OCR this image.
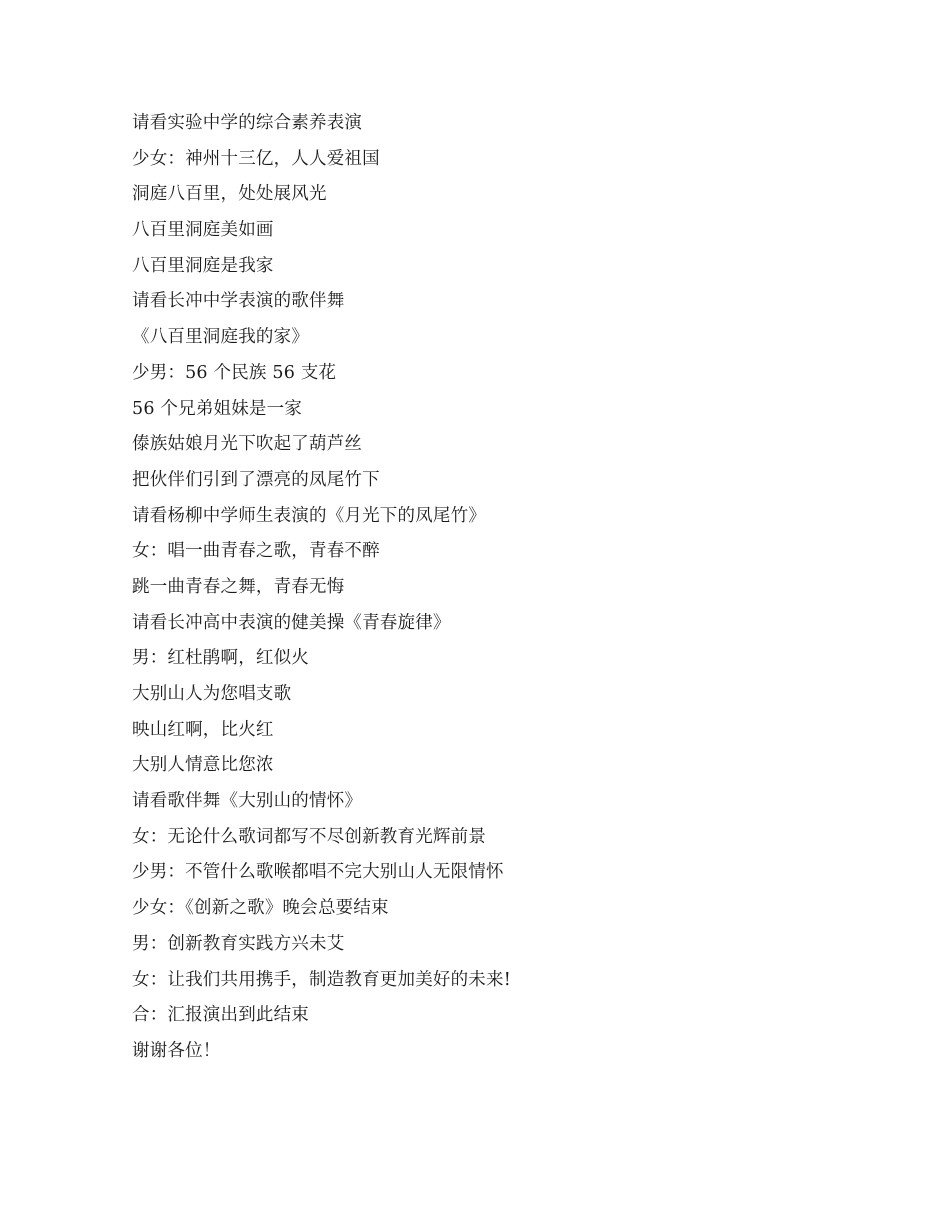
请看实验中学的综合素养表演
少女：神州十三亿，人人爱祖国
洞庭八百里，处处展风光
八百里洞庭美如画
八百里洞庭是我家
请看长冲中学表演的歌伴舞
《八百里洞庭我的家》
少男：56 个民族 56 支花
56 个兄弟姐妹是一家
傣族姑娘月光下吹起了葫芦丝
把伙伴们引到了漂亮的凤尾竹下
请看杨柳中学师生表演的《月光下的凤尾竹》
女：唱一曲青春之歌，青春不醉
跳一曲青春之舞，青春无悔
请看长冲高中表演的健美操《青春旋律》
男：红杜鹃啊，红似火
大别山人为您唱支歌
映山红啊，比火红
大别人情意比您浓
请看歌伴舞《大别山的情怀》
女：无论什么歌词都写不尽创新教育光辉前景
少男：不管什么歌喉都唱不完大别山人无限情怀
少女：《创新之歌》晚会总要结束
男：创新教育实践方兴未艾
女：让我们共用携手，制造教育更加美好的未来!
合：汇报演出到此结束
谢谢各位！
